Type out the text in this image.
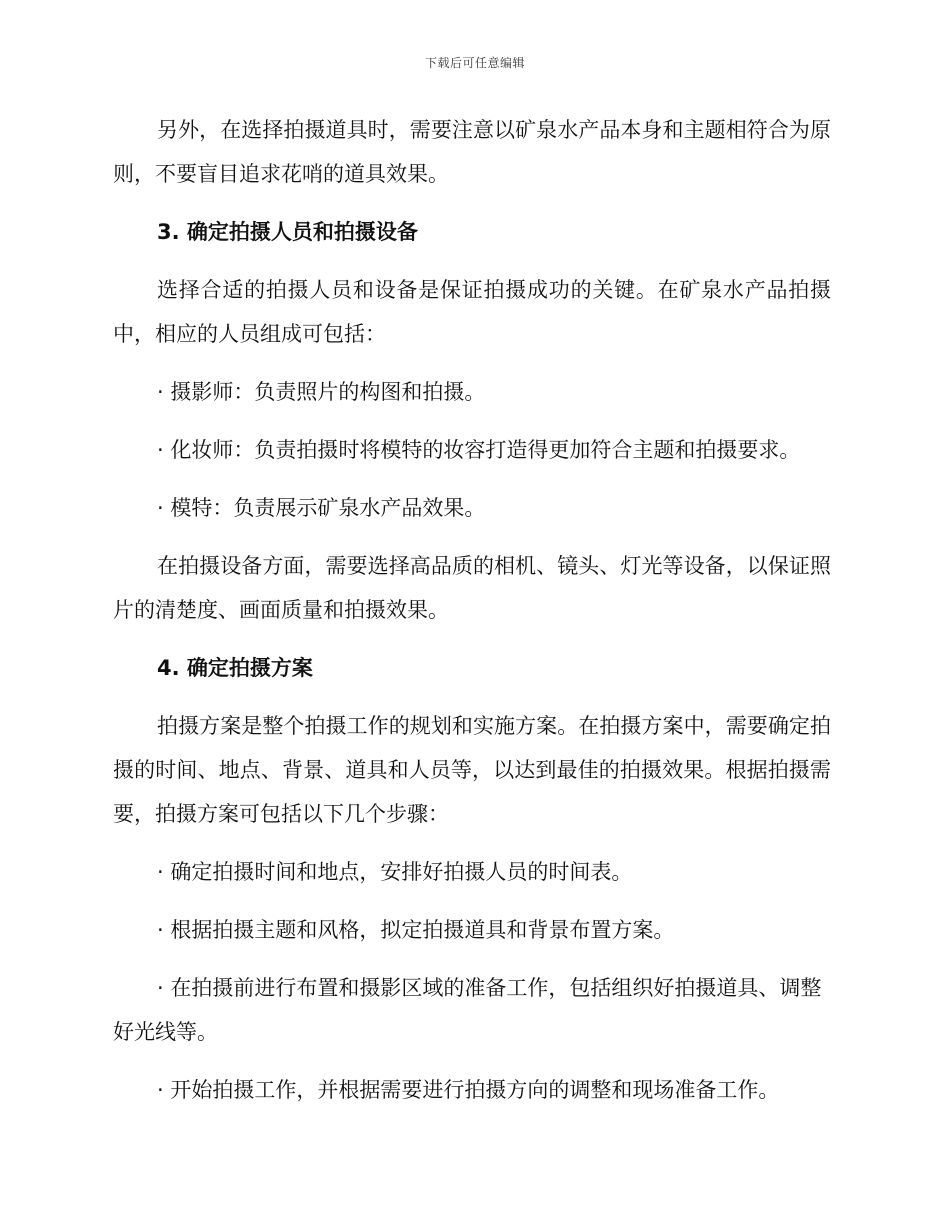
下载后可任意编辑

另外，在选择拍摄道具时，需要注意以矿泉水产品本身和主题相符合为原则，不要盲目追求花哨的道具效果。

3. 确定拍摄人员和拍摄设备

选择合适的拍摄人员和设备是保证拍摄成功的关键。在矿泉水产品拍摄中，相应的人员组成可包括：

· 摄影师：负责照片的构图和拍摄。

· 化妆师：负责拍摄时将模特的妆容打造得更加符合主题和拍摄要求。

· 模特：负责展示矿泉水产品效果。

在拍摄设备方面，需要选择高品质的相机、镜头、灯光等设备，以保证照片的清楚度、画面质量和拍摄效果。

4. 确定拍摄方案

拍摄方案是整个拍摄工作的规划和实施方案。在拍摄方案中，需要确定拍摄的时间、地点、背景、道具和人员等，以达到最佳的拍摄效果。根据拍摄需要，拍摄方案可包括以下几个步骤：

· 确定拍摄时间和地点，安排好拍摄人员的时间表。

· 根据拍摄主题和风格，拟定拍摄道具和背景布置方案。

· 在拍摄前进行布置和摄影区域的准备工作，包括组织好拍摄道具、调整好光线等。

· 开始拍摄工作，并根据需要进行拍摄方向的调整和现场准备工作。
